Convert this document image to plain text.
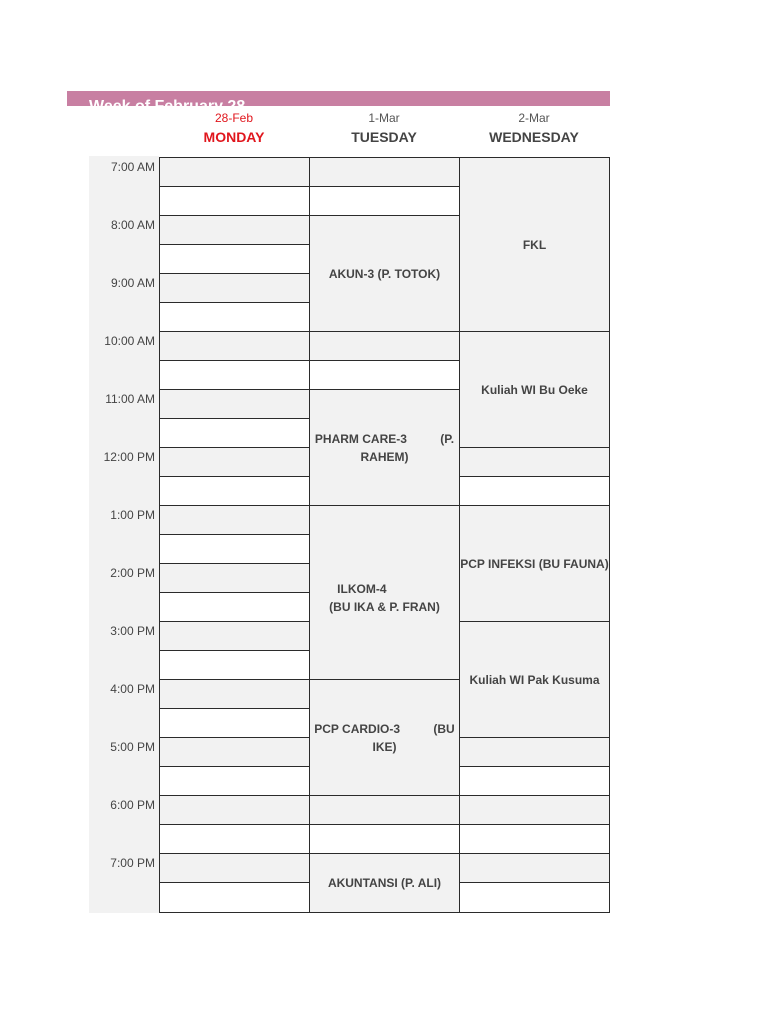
Week of February 28
28-Feb
MONDAY
1-Mar
TUESDAY
2-Mar
WEDNESDAY
7:00 AM
8:00 AM
9:00 AM
10:00 AM
11:00 AM
12:00 PM
1:00 PM
2:00 PM
3:00 PM
4:00 PM
5:00 PM
6:00 PM
7:00 PM
AKUN-3 (P. TOTOK)
PHARM CARE-3          (P.
RAHEM)
ILKOM-4
(BU IKA & P. FRAN)
PCP CARDIO-3          (BU
IKE)
AKUNTANSI (P. ALI)
FKL
Kuliah WI Bu Oeke
PCP INFEKSI (BU FAUNA)
Kuliah WI Pak Kusuma
